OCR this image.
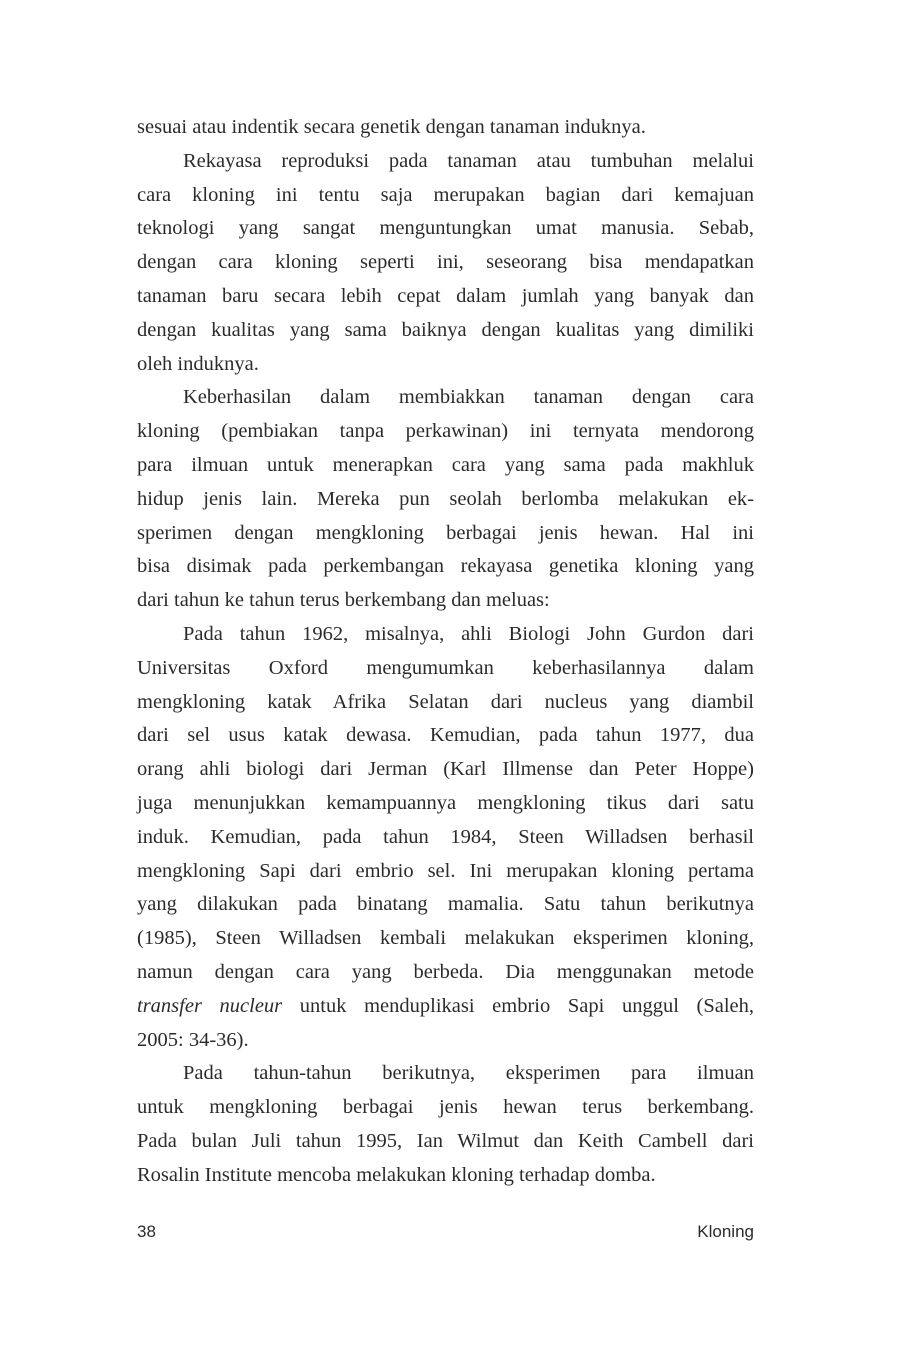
sesuai atau indentik secara genetik dengan tanaman induknya.
Rekayasa reproduksi pada tanaman atau tumbuhan melalui
cara kloning ini tentu saja merupakan bagian dari kemajuan
teknologi yang sangat menguntungkan umat manusia. Sebab,
dengan cara kloning seperti ini, seseorang bisa mendapatkan
tanaman baru secara lebih cepat dalam jumlah yang banyak dan
dengan kualitas yang sama baiknya dengan kualitas yang dimiliki
oleh induknya.
Keberhasilan dalam membiakkan tanaman dengan cara
kloning (pembiakan tanpa perkawinan) ini ternyata mendorong
para ilmuan untuk menerapkan cara yang sama pada makhluk
hidup jenis lain. Mereka pun seolah berlomba melakukan ek-
sperimen dengan mengkloning berbagai jenis hewan. Hal ini
bisa disimak pada perkembangan rekayasa genetika kloning yang
dari tahun ke tahun terus berkembang dan meluas:
Pada tahun 1962, misalnya, ahli Biologi John Gurdon dari
Universitas Oxford mengumumkan keberhasilannya dalam
mengkloning katak Afrika Selatan dari nucleus yang diambil
dari sel usus katak dewasa. Kemudian, pada tahun 1977, dua
orang ahli biologi dari Jerman (Karl Illmense dan Peter Hoppe)
juga menunjukkan kemampuannya mengkloning tikus dari satu
induk. Kemudian, pada tahun 1984, Steen Willadsen berhasil
mengkloning Sapi dari embrio sel. Ini merupakan kloning pertama
yang dilakukan pada binatang mamalia. Satu tahun berikutnya
(1985), Steen Willadsen kembali melakukan eksperimen kloning,
namun dengan cara yang berbeda. Dia menggunakan metode
transfer nucleur untuk menduplikasi embrio Sapi unggul (Saleh,
2005: 34-36).
Pada tahun-tahun berikutnya, eksperimen para ilmuan
untuk mengkloning berbagai jenis hewan terus berkembang.
Pada bulan Juli tahun 1995, Ian Wilmut dan Keith Cambell dari
Rosalin Institute mencoba melakukan kloning terhadap domba.
38	Kloning
